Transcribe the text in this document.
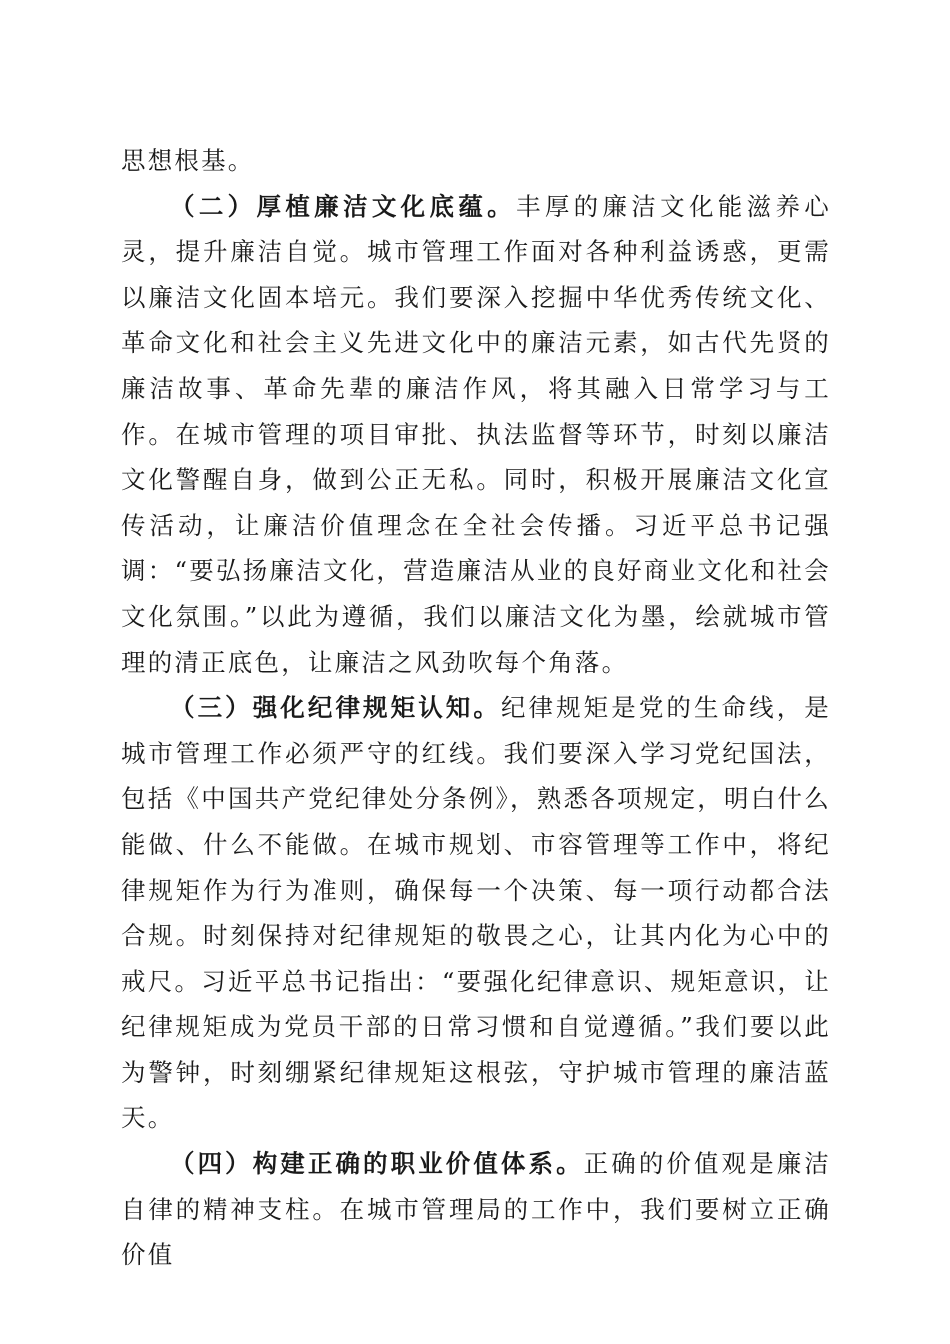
思想根基。

（二）厚植廉洁文化底蕴。丰厚的廉洁文化能滋养心灵，提升廉洁自觉。城市管理工作面对各种利益诱惑，更需以廉洁文化固本培元。我们要深入挖掘中华优秀传统文化、革命文化和社会主义先进文化中的廉洁元素，如古代先贤的廉洁故事、革命先辈的廉洁作风，将其融入日常学习与工作。在城市管理的项目审批、执法监督等环节，时刻以廉洁文化警醒自身，做到公正无私。同时，积极开展廉洁文化宣传活动，让廉洁价值理念在全社会传播。习近平总书记强调：“要弘扬廉洁文化，营造廉洁从业的良好商业文化和社会文化氛围。”以此为遵循，我们以廉洁文化为墨，绘就城市管理的清正底色，让廉洁之风劲吹每个角落。

（三）强化纪律规矩认知。纪律规矩是党的生命线，是城市管理工作必须严守的红线。我们要深入学习党纪国法，包括《中国共产党纪律处分条例》，熟悉各项规定，明白什么能做、什么不能做。在城市规划、市容管理等工作中，将纪律规矩作为行为准则，确保每一个决策、每一项行动都合法合规。时刻保持对纪律规矩的敬畏之心，让其内化为心中的戒尺。习近平总书记指出：“要强化纪律意识、规矩意识，让纪律规矩成为党员干部的日常习惯和自觉遵循。”我们要以此为警钟，时刻绷紧纪律规矩这根弦，守护城市管理的廉洁蓝天。

（四）构建正确的职业价值体系。正确的价值观是廉洁自律的精神支柱。在城市管理局的工作中，我们要树立正确价值
